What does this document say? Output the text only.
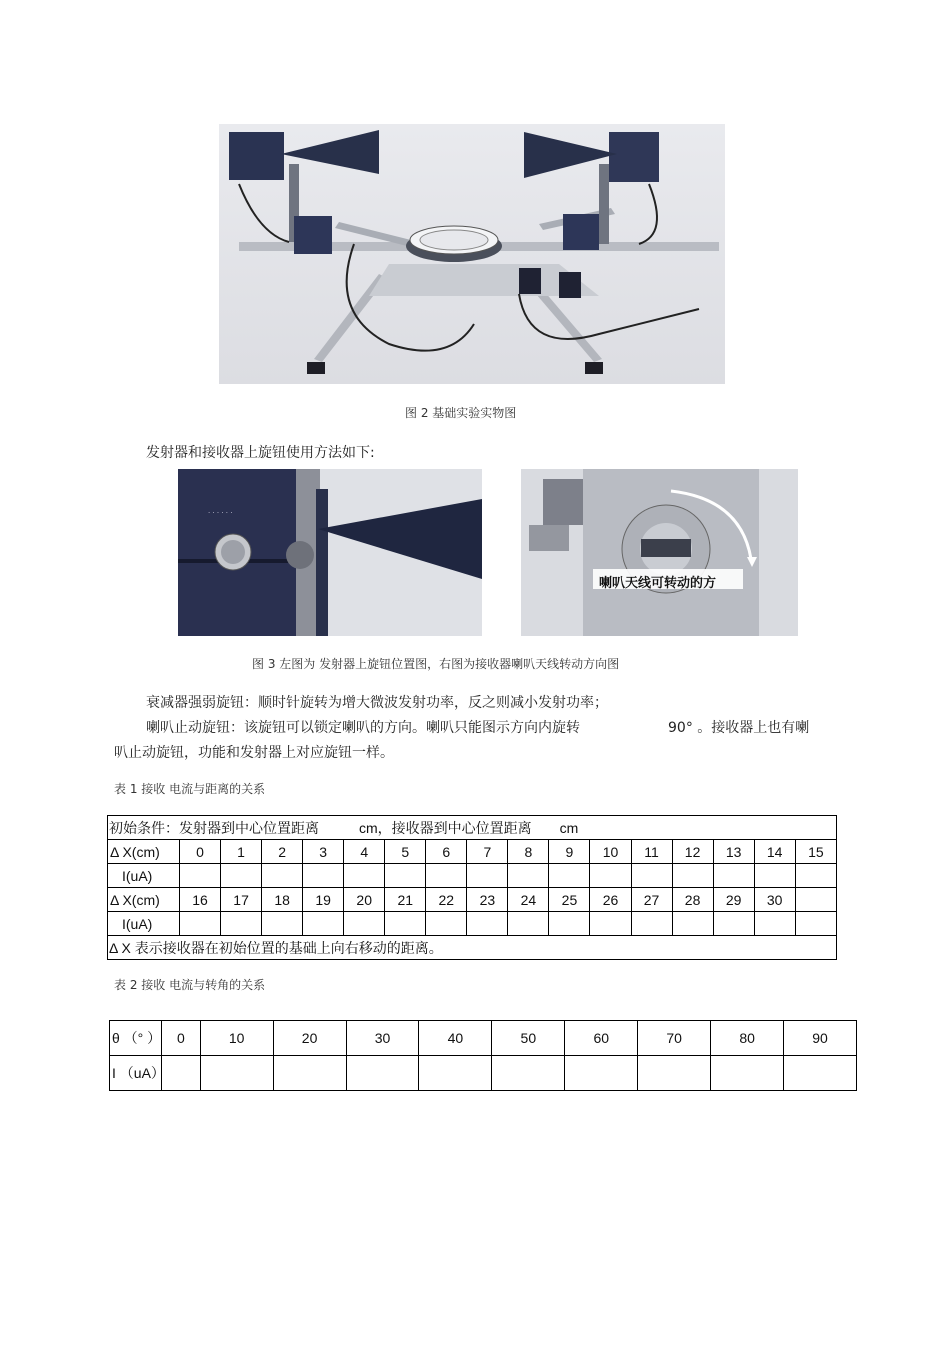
图 2 基础实验实物图
发射器和接收器上旋钮使用方法如下:
· · · · · ·
喇叭天线可转动的方
图 3 左图为 发射器上旋钮位置图，右图为接收器喇叭天线转动方向图
衰减器强弱旋钮：顺时针旋转为增大微波发射功率，反之则减小发射功率；
喇叭止动旋钮：该旋钮可以锁定喇叭的方向。喇叭只能图示方向内旋转	90° 。接收器上也有喇
叭止动旋钮，功能和发射器上对应旋钮一样。
表 1 接收 电流与距离的关系
初始条件：发射器到中心位置距离 cm，接收器到中心位置距离 cm																
Δ X(cm)	0	1	2	3	4	5	6	7	8	9	10	11	12	13	14	15
I(uA)																
Δ X(cm)	16	17	18	19	20	21	22	23	24	25	26	27	28	29	30	
I(uA)																
Δ X 表示接收器在初始位置的基础上向右移动的距离。																
表 2 接收 电流与转角的关系
θ （° ）	0	10	20	30	40	50	60	70	80	90
I （uA）										
